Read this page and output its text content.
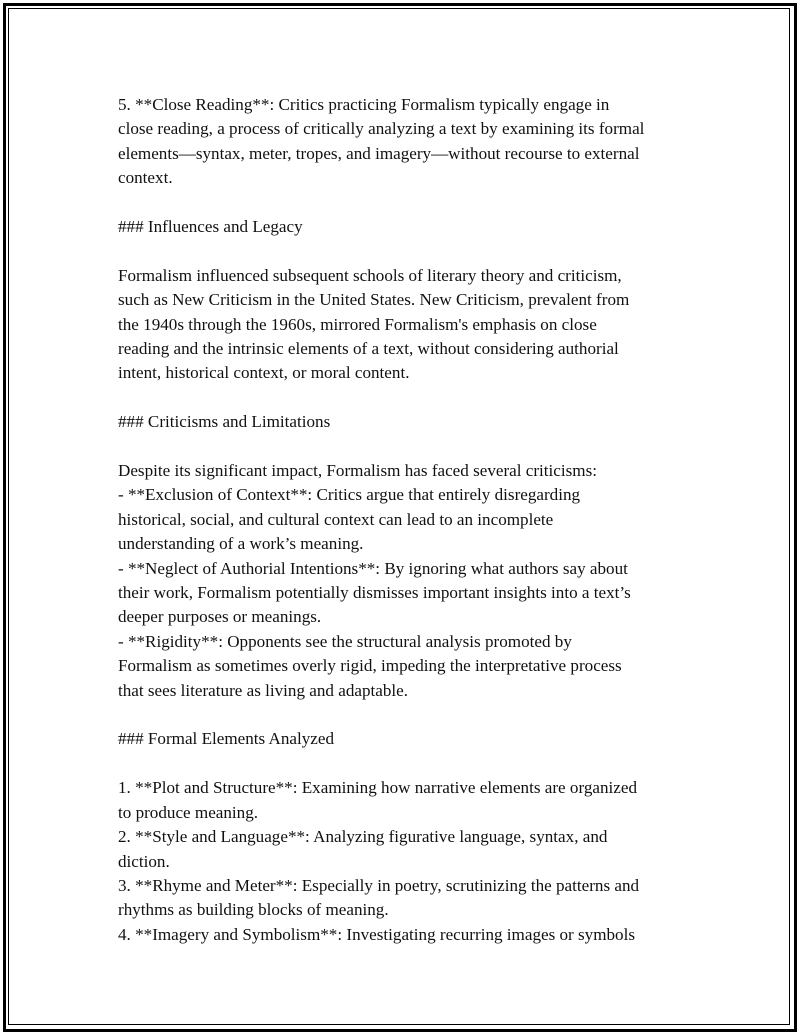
5. **Close Reading**: Critics practicing Formalism typically engage in
close reading, a process of critically analyzing a text by examining its formal
elements—syntax, meter, tropes, and imagery—without recourse to external
context.

### Influences and Legacy

Formalism influenced subsequent schools of literary theory and criticism,
such as New Criticism in the United States. New Criticism, prevalent from
the 1940s through the 1960s, mirrored Formalism's emphasis on close
reading and the intrinsic elements of a text, without considering authorial
intent, historical context, or moral content.

### Criticisms and Limitations

Despite its significant impact, Formalism has faced several criticisms:
- **Exclusion of Context**: Critics argue that entirely disregarding
historical, social, and cultural context can lead to an incomplete
understanding of a work’s meaning.
- **Neglect of Authorial Intentions**: By ignoring what authors say about
their work, Formalism potentially dismisses important insights into a text’s
deeper purposes or meanings.
- **Rigidity**: Opponents see the structural analysis promoted by
Formalism as sometimes overly rigid, impeding the interpretative process
that sees literature as living and adaptable.

### Formal Elements Analyzed

1. **Plot and Structure**: Examining how narrative elements are organized
to produce meaning.
2. **Style and Language**: Analyzing figurative language, syntax, and
diction.
3. **Rhyme and Meter**: Especially in poetry, scrutinizing the patterns and
rhythms as building blocks of meaning.
4. **Imagery and Symbolism**: Investigating recurring images or symbols
